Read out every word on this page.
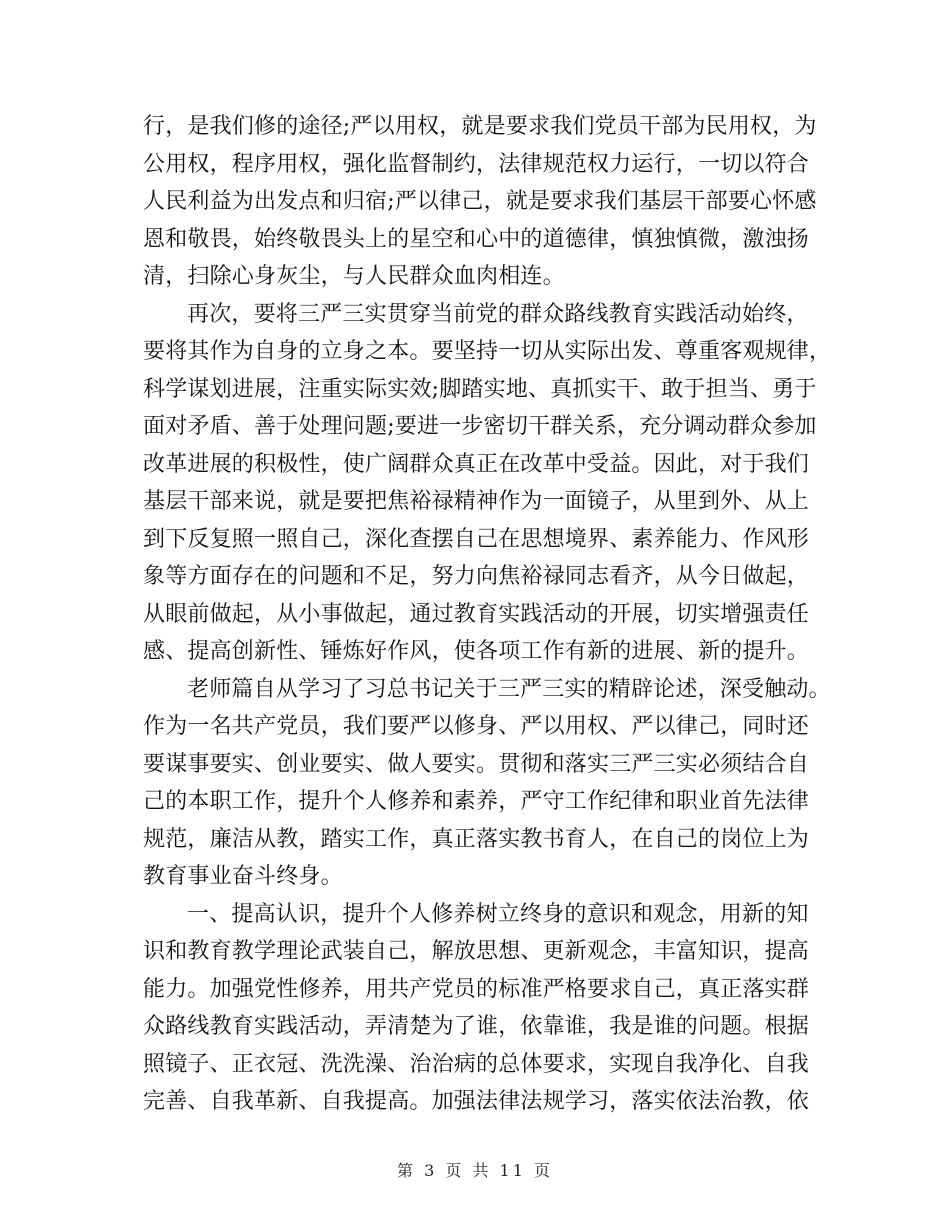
行，是我们修的途径;严以用权，就是要求我们党员干部为民用权，为
公用权，程序用权，强化监督制约，法律规范权力运行，一切以符合
人民利益为出发点和归宿;严以律己，就是要求我们基层干部要心怀感
恩和敬畏，始终敬畏头上的星空和心中的道德律，慎独慎微，激浊扬
清，扫除心身灰尘，与人民群众血肉相连。
再次，要将三严三实贯穿当前党的群众路线教育实践活动始终，
要将其作为自身的立身之本。要坚持一切从实际出发、尊重客观规律，
科学谋划进展，注重实际实效;脚踏实地、真抓实干、敢于担当、勇于
面对矛盾、善于处理问题;要进一步密切干群关系，充分调动群众参加
改革进展的积极性，使广阔群众真正在改革中受益。因此，对于我们
基层干部来说，就是要把焦裕禄精神作为一面镜子，从里到外、从上
到下反复照一照自己，深化查摆自己在思想境界、素养能力、作风形
象等方面存在的问题和不足，努力向焦裕禄同志看齐，从今日做起，
从眼前做起，从小事做起，通过教育实践活动的开展，切实增强责任
感、提高创新性、锤炼好作风，使各项工作有新的进展、新的提升。
老师篇自从学习了习总书记关于三严三实的精辟论述，深受触动。
作为一名共产党员，我们要严以修身、严以用权、严以律己，同时还
要谋事要实、创业要实、做人要实。贯彻和落实三严三实必须结合自
己的本职工作，提升个人修养和素养，严守工作纪律和职业首先法律
规范，廉洁从教，踏实工作，真正落实教书育人，在自己的岗位上为
教育事业奋斗终身。
一、提高认识，提升个人修养树立终身的意识和观念，用新的知
识和教育教学理论武装自己，解放思想、更新观念，丰富知识，提高
能力。加强党性修养，用共产党员的标准严格要求自己，真正落实群
众路线教育实践活动，弄清楚为了谁，依靠谁，我是谁的问题。根据
照镜子、正衣冠、洗洗澡、治治病的总体要求，实现自我净化、自我
完善、自我革新、自我提高。加强法律法规学习，落实依法治教，依
第 3 页 共 11 页
